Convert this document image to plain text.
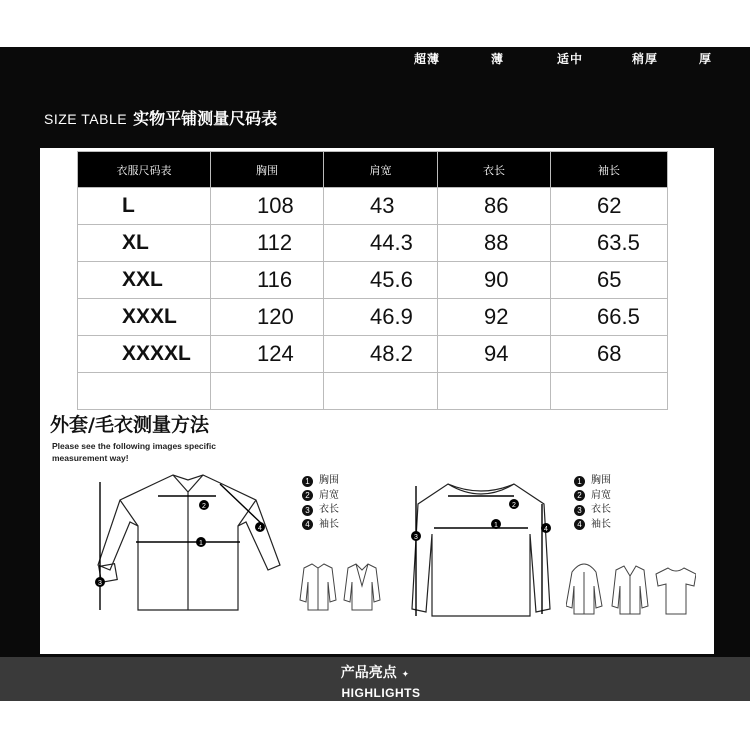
超薄	薄	适中	稍厚	厚
SIZE TABLE 实物平铺测量尺码表
衣服尺码表	胸围	肩宽	衣长	袖长
L	108	43	86	62
XL	112	44.3	88	63.5
XXL	116	45.6	90	65
XXXL	120	46.9	92	66.5
XXXXL	124	48.2	94	68

外套/毛衣测量方法
Please see the following images specific
measurement way!
1
2
3
4
1 胸围
2 肩宽
3 衣长
4 袖长	1
2
3
4
1 胸围
2 肩宽
3 衣长
4 袖长
产品亮点 ✦
HIGHLIGHTS
